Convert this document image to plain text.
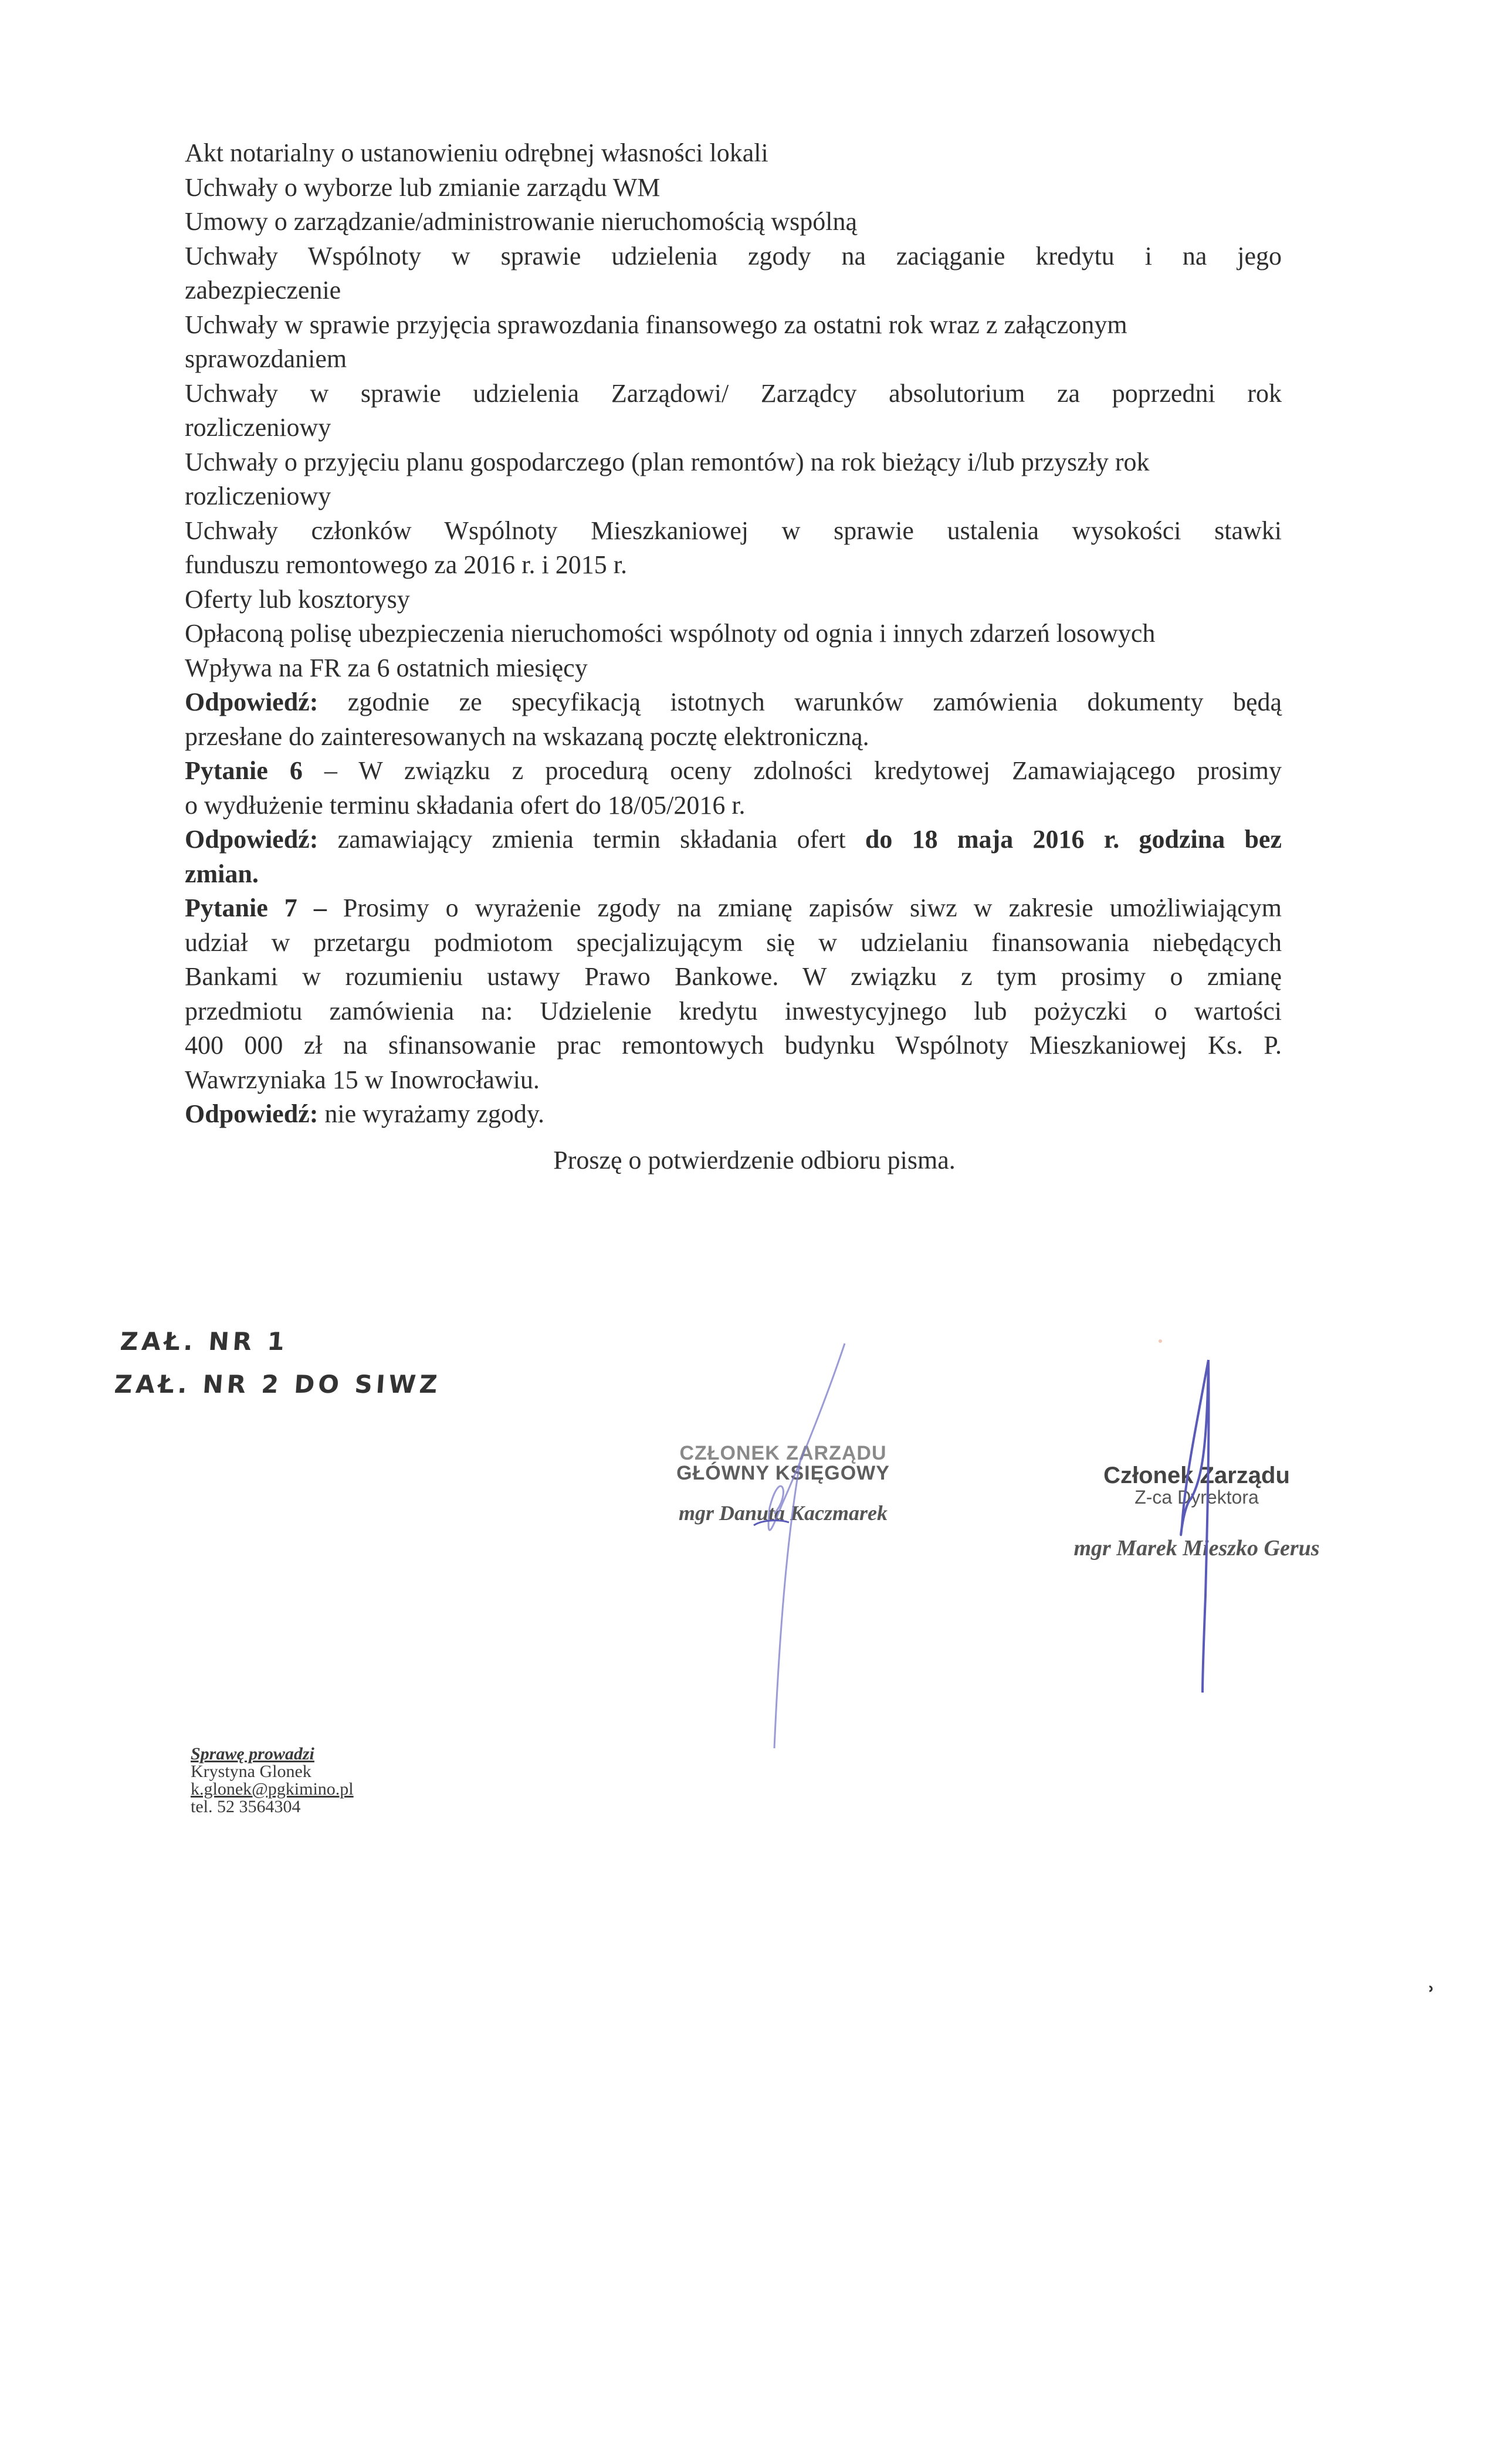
Akt notarialny o ustanowieniu odrębnej własności lokali
Uchwały o wyborze lub zmianie zarządu WM
Umowy o zarządzanie/administrowanie nieruchomością wspólną
Uchwały Wspólnoty w sprawie udzielenia zgody na zaciąganie kredytu i na jego
zabezpieczenie
Uchwały w sprawie przyjęcia sprawozdania finansowego za ostatni rok wraz z załączonym
sprawozdaniem
Uchwały w sprawie udzielenia Zarządowi/ Zarządcy absolutorium za poprzedni rok
rozliczeniowy
Uchwały o przyjęciu planu gospodarczego (plan remontów) na rok bieżący i/lub przyszły rok
rozliczeniowy
Uchwały członków Wspólnoty Mieszkaniowej w sprawie ustalenia wysokości stawki
funduszu remontowego za 2016 r. i 2015 r.
Oferty lub kosztorysy
Opłaconą polisę ubezpieczenia nieruchomości wspólnoty od ognia i innych zdarzeń losowych
Wpływa na FR za 6 ostatnich miesięcy
Odpowiedź: zgodnie ze specyfikacją istotnych warunków zamówienia dokumenty będą
przesłane do zainteresowanych na wskazaną pocztę elektroniczną.
Pytanie 6 – W związku z procedurą oceny zdolności kredytowej Zamawiającego prosimy
o wydłużenie terminu składania ofert do 18/05/2016 r.
Odpowiedź: zamawiający zmienia termin składania ofert do 18 maja 2016 r. godzina bez
zmian.
Pytanie 7 – Prosimy o wyrażenie zgody na zmianę zapisów siwz w zakresie umożliwiającym
udział w przetargu podmiotom specjalizującym się w udzielaniu finansowania niebędących
Bankami w rozumieniu ustawy Prawo Bankowe. W związku z tym prosimy o zmianę
przedmiotu zamówienia na: Udzielenie kredytu inwestycyjnego lub pożyczki o wartości
400 000 zł na sfinansowanie prac remontowych budynku Wspólnoty Mieszkaniowej Ks. P.
Wawrzyniaka 15 w Inowrocławiu.
Odpowiedź: nie wyrażamy zgody.
Proszę o potwierdzenie odbioru pisma.
ZAŁ. NR 1
ZAŁ. NR 2 DO SIWZ
CZŁONEK ZARZĄDU
GŁÓWNY KSIĘGOWY
mgr Danuta Kaczmarek
Członek Zarządu
Z-ca Dyrektora
mgr Marek Mieszko Gerus
Sprawę prowadzi
Krystyna Glonek
k.glonek@pgkimino.pl
tel. 52 3564304
ʾ
